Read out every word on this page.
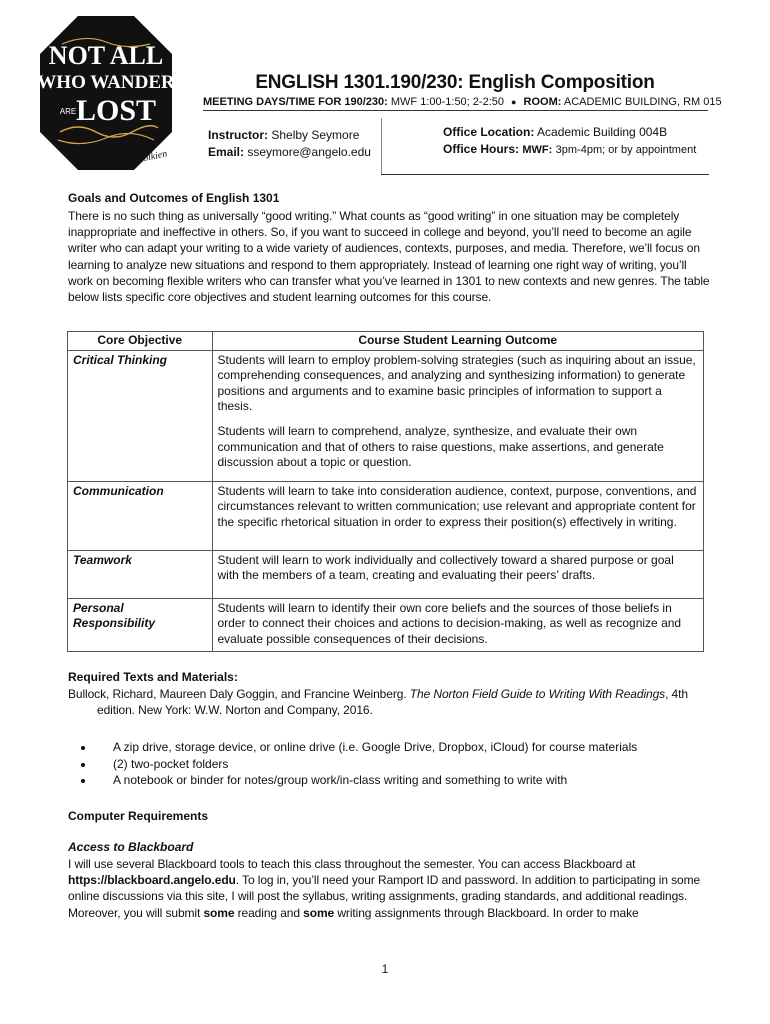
NOT ALL
WHO WANDER
ARE LOST
J.R.R. Tolkien
ENGLISH 1301.190/230: English Composition
MEETING DAYS/TIME FOR 190/230: MWF 1:00-1:50; 2-2:50 ● ROOM: ACADEMIC BUILDING, RM 015
Instructor: Shelby Seymore
Email: sseymore@angelo.edu
Office Location: Academic Building 004B
Office Hours: MWF: 3pm-4pm; or by appointment
Goals and Outcomes of English 1301
There is no such thing as universally “good writing.” What counts as “good writing” in one situation may be completely inappropriate and ineffective in others. So, if you want to succeed in college and beyond, you’ll need to become an agile writer who can adapt your writing to a wide variety of audiences, contexts, purposes, and media. Therefore, we’ll focus on learning to analyze new situations and respond to them appropriately. Instead of learning one right way of writing, you’ll work on becoming flexible writers who can transfer what you’ve learned in 1301 to new contexts and new genres. The table below lists specific core objectives and student learning outcomes for this course.
Core Objective	Course Student Learning Outcome
Critical Thinking	Students will learn to employ problem-solving strategies (such as inquiring about an issue, comprehending consequences, and analyzing and synthesizing information) to generate positions and arguments and to examine basic principles of information to support a thesis.
Students will learn to comprehend, analyze, synthesize, and evaluate their own communication and that of others to raise questions, make assertions, and generate discussion about a topic or question.

Communication	Students will learn to take into consideration audience, context, purpose, conventions, and circumstances relevant to written communication; use relevant and appropriate content for the specific rhetorical situation in order to express their position(s) effectively in writing.

Teamwork	Student will learn to work individually and collectively toward a shared purpose or goal with the members of a team, creating and evaluating their peers’ drafts.

Personal Responsibility	Students will learn to identify their own core beliefs and the sources of those beliefs in order to connect their choices and actions to decision-making, as well as recognize and evaluate possible consequences of their decisions.
Required Texts and Materials:
Bullock, Richard, Maureen Daly Goggin, and Francine Weinberg. The Norton Field Guide to Writing With Readings, 4th
edition. New York: W.W. Norton and Company, 2016.
• A zip drive, storage device, or online drive (i.e. Google Drive, Dropbox, iCloud) for course materials
• (2) two-pocket folders
• A notebook or binder for notes/group work/in-class writing and something to write with
Computer Requirements
Access to Blackboard
I will use several Blackboard tools to teach this class throughout the semester. You can access Blackboard at https://blackboard.angelo.edu. To log in, you’ll need your Ramport ID and password. In addition to participating in some online discussions via this site, I will post the syllabus, writing assignments, grading standards, and additional readings. Moreover, you will submit some reading and some writing assignments through Blackboard. In order to make
1
